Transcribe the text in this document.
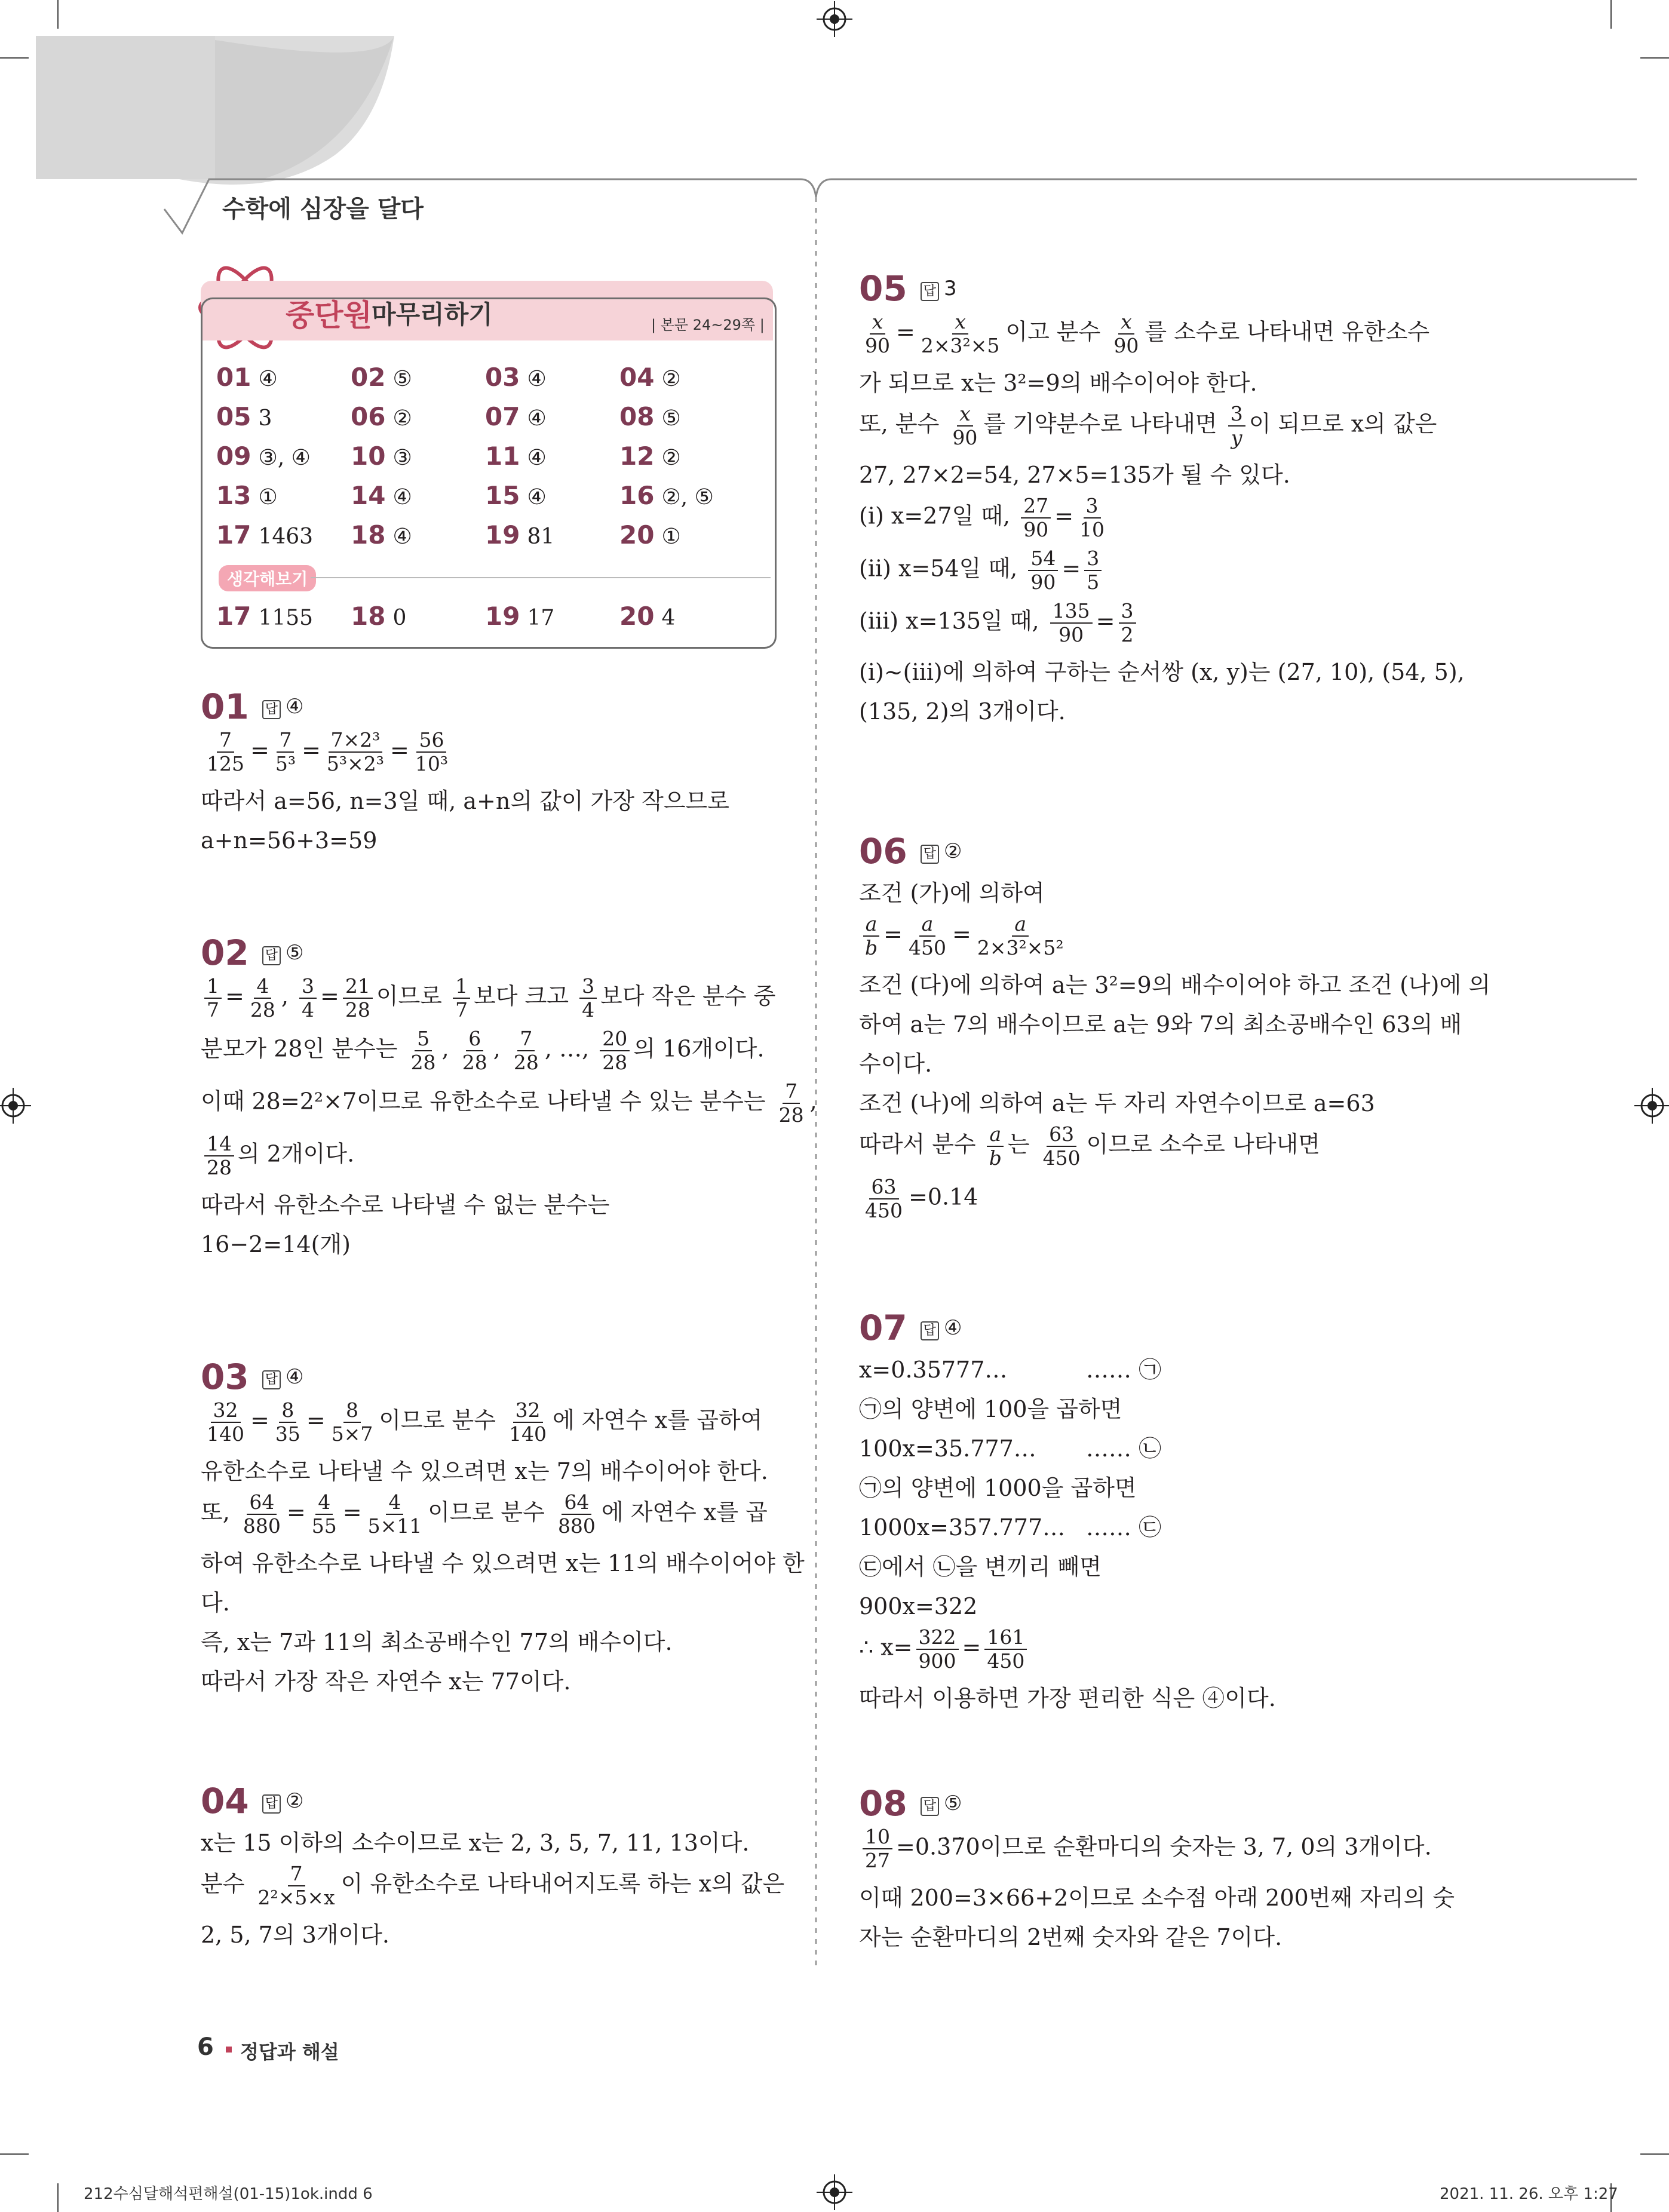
수학에 심장을 달다
중단원 마무리하기	| 본문 24~29쪽 |
01 ④	02 ⑤	03 ④	04 ②
05 3	06 ②	07 ④	08 ⑤
09 ③, ④ 10 ③	11 ④	12 ②
13 ①	14 ④	15 ④	16 ②, ⑤
17 1463 18 ④	19 81	20 ①
생각해보기
17 1155 18 0	19 17	20 4
01 답 ④
$\frac{7}{125} = \frac{7}{\text{5³}} = \frac{\text{7×2³}}{\text{5³×2³}} = \frac{56}{\text{10³}}$
따라서 a=56, n=3일 때, a+n의 값이 가장 작으므로
a+n=56+3=59
02 답 ⑤
$\frac{1}{7} = \frac{4}{28}$ , $\frac{3}{4} = \frac{21}{28}$ 이므로 $\frac{1}{7}$ 보다 크고 $\frac{3}{4}$ 보다 작은 분수 중
분모가 28인 분수는 $\frac{5}{28}$ , $\frac{6}{28}$ , $\frac{7}{28}$ , …, $\frac{20}{28}$ 의 16개이다.
이때 28=2²×7이므로 유한소수로 나타낼 수 있는 분수는 $\frac{7}{28}$ ,
$\frac{14}{28}$ 의 2개이다.
따라서 유한소수로 나타낼 수 없는 분수는
16−2=14(개)
03 답 ④
$\frac{32}{140} = \frac{8}{35} = \frac{8}{5\times 7}$ 이므로 분수 $\frac{32}{140}$ 에 자연수 x를 곱하여
유한소수로 나타낼 수 있으려면 x는 7의 배수이어야 한다.
또, $\frac{64}{880} = \frac{4}{55} = \frac{4}{5\times 11}$ 이므로 분수 $\frac{64}{880}$ 에 자연수 x를 곱
하여 유한소수로 나타낼 수 있으려면 x는 11의 배수이어야 한
다.
즉, x는 7과 11의 최소공배수인 77의 배수이다.
따라서 가장 작은 자연수 x는 77이다.
04 답 ②
x는 15 이하의 소수이므로 x는 2, 3, 5, 7, 11, 13이다.
분수 $\frac{7}{\text{2²×5×x}}$ 이 유한소수로 나타내어지도록 하는 x의 값은
2, 5, 7의 3개이다.
05 답 3
$\frac{x}{90} = \frac{x}{\text{2×3²×5}}$ 이고 분수 $\frac{x}{90}$ 를 소수로 나타내면 유한소수
가 되므로 x는 3²=9의 배수이어야 한다.
또, 분수 $\frac{x}{90}$ 를 기약분수로 나타내면 $\frac{3}{y}$ 이 되므로 x의 값은
27, 27×2=54, 27×5=135가 될 수 있다.
(ⅰ) x=27일 때, $\frac{27}{90} = \frac{3}{10}$
(ⅱ) x=54일 때, $\frac{54}{90} = \frac{3}{5}$
(ⅲ) x=135일 때, $\frac{135}{90} = \frac{3}{2}$
(ⅰ)~(ⅲ)에 의하여 구하는 순서쌍 (x, y)는 (27, 10), (54, 5),
(135, 2)의 3개이다.
06 답 ②
조건 (가)에 의하여
$\frac{a}{b} = \frac{a}{450} = \frac{a}{\text{2×3²×5²}}$
조건 (다)에 의하여 a는 3²=9의 배수이어야 하고 조건 (나)에 의
하여 a는 7의 배수이므로 a는 9와 7의 최소공배수인 63의 배
수이다.
조건 (나)에 의하여 a는 두 자리 자연수이므로 a=63
따라서 분수 $\frac{a}{b}$ 는 $\frac{63}{450}$ 이므로 소수로 나타내면
$\frac{63}{450} =0.14$
07 답 ④
x=0.35777…	…… ㉠
㉠의 양변에 100을 곱하면
100x=35.777… …… ㉡
㉠의 양변에 1000을 곱하면
1000x=357.777… …… ㉢
㉢에서 ㉡을 변끼리 빼면
900x=322
∴ $x= \frac{322}{900} = \frac{161}{450}$
따라서 이용하면 가장 편리한 식은 ④이다.
08 답 ⑤
$\frac{10}{27}$ =0.3̇7̇0이므로 순환마디의 숫자는 3, 7, 0의 3개이다.
이때 200=3×66+2이므로 소수점 아래 200번째 자리의 숫
자는 순환마디의 2번째 숫자와 같은 7이다.
6 정답과 해설
212수심달해석편해설(01-15)1ok.indd 6	2021. 11. 26. 오후 1:27
